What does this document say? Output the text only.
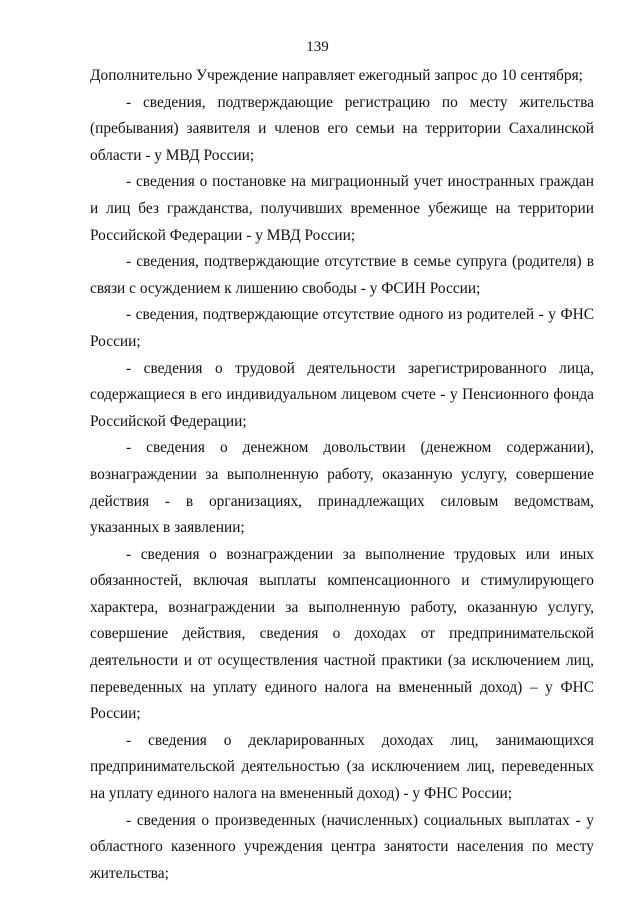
139

Дополнительно Учреждение направляет ежегодный запрос до 10 сентября;

- сведения, подтверждающие регистрацию по месту жительства (пребывания) заявителя и членов его семьи на территории Сахалинской области - у МВД России;

- сведения о постановке на миграционный учет иностранных граждан и лиц без гражданства, получивших временное убежище на территории Российской Федерации - у МВД России;

- сведения, подтверждающие отсутствие в семье супруга (родителя) в связи с осуждением к лишению свободы - у ФСИН России;

- сведения, подтверждающие отсутствие одного из родителей - у ФНС России;

- сведения о трудовой деятельности зарегистрированного лица, содержащиеся в его индивидуальном лицевом счете - у Пенсионного фонда Российской Федерации;

- сведения о денежном довольствии (денежном содержании), вознаграждении за выполненную работу, оказанную услугу, совершение действия - в организациях, принадлежащих силовым ведомствам, указанных в заявлении;

- сведения о вознаграждении за выполнение трудовых или иных обязанностей, включая выплаты компенсационного и стимулирующего характера, вознаграждении за выполненную работу, оказанную услугу, совершение действия, сведения о доходах от предпринимательской деятельности и от осуществления частной практики (за исключением лиц, переведенных на уплату единого налога на вмененный доход) – у ФНС России;

- сведения о декларированных доходах лиц, занимающихся предпринимательской деятельностью (за исключением лиц, переведенных на уплату единого налога на вмененный доход) - у ФНС России;

- сведения о произведенных (начисленных) социальных выплатах - у областного казенного учреждения центра занятости населения по месту жительства;
